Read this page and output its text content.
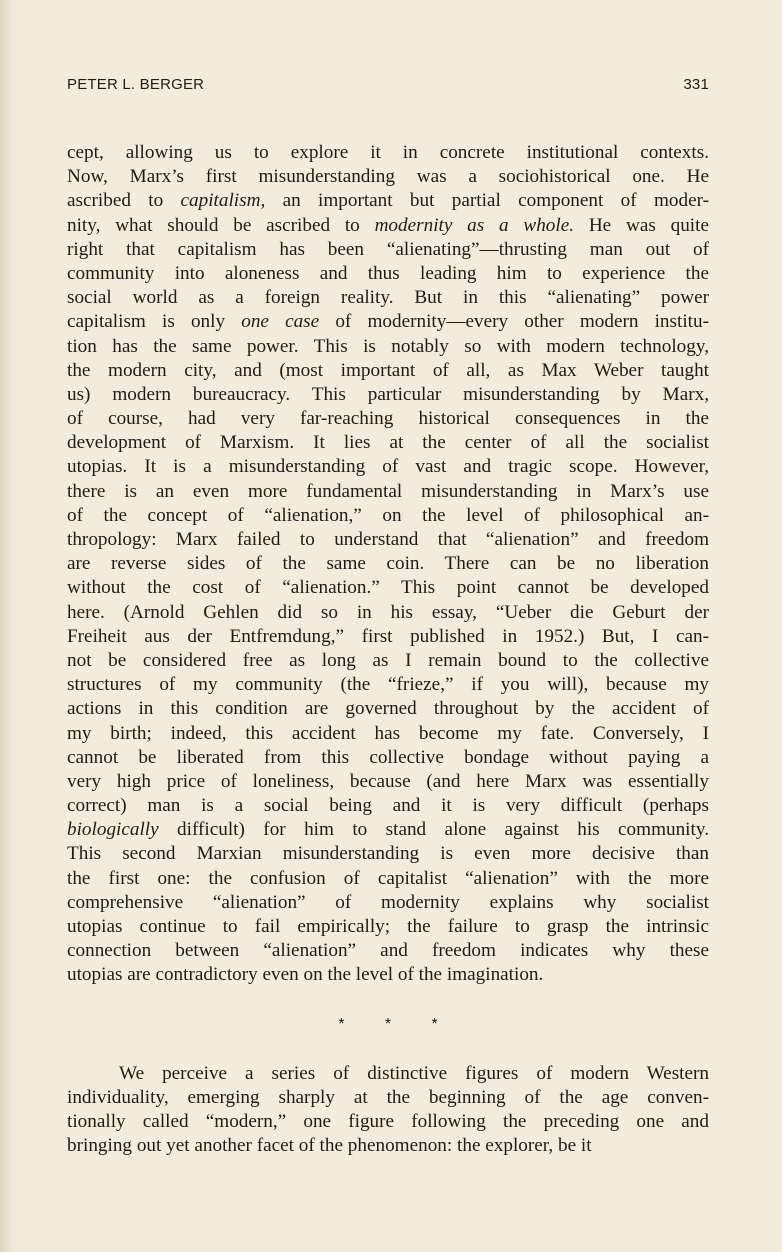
PETER L. BERGER	331
cept, allowing us to explore it in concrete institutional contexts.
Now, Marx’s first misunderstanding was a sociohistorical one. He
ascribed to capitalism, an important but partial component of moder-
nity, what should be ascribed to modernity as a whole. He was quite
right that capitalism has been “alienating”—thrusting man out of
community into aloneness and thus leading him to experience the
social world as a foreign reality. But in this “alienating” power
capitalism is only one case of modernity—every other modern institu-
tion has the same power. This is notably so with modern technology,
the modern city, and (most important of all, as Max Weber taught
us) modern bureaucracy. This particular misunderstanding by Marx,
of course, had very far-reaching historical consequences in the
development of Marxism. It lies at the center of all the socialist
utopias. It is a misunderstanding of vast and tragic scope. However,
there is an even more fundamental misunderstanding in Marx’s use
of the concept of “alienation,” on the level of philosophical an-
thropology: Marx failed to understand that “alienation” and freedom
are reverse sides of the same coin. There can be no liberation
without the cost of “alienation.” This point cannot be developed
here. (Arnold Gehlen did so in his essay, “Ueber die Geburt der
Freiheit aus der Entfremdung,” first published in 1952.) But, I can-
not be considered free as long as I remain bound to the collective
structures of my community (the “frieze,” if you will), because my
actions in this condition are governed throughout by the accident of
my birth; indeed, this accident has become my fate. Conversely, I
cannot be liberated from this collective bondage without paying a
very high price of loneliness, because (and here Marx was essentially
correct) man is a social being and it is very difficult (perhaps
biologically difficult) for him to stand alone against his community.
This second Marxian misunderstanding is even more decisive than
the first one: the confusion of capitalist “alienation” with the more
comprehensive “alienation” of modernity explains why socialist
utopias continue to fail empirically; the failure to grasp the intrinsic
connection between “alienation” and freedom indicates why these
utopias are contradictory even on the level of the imagination.
* * *
We perceive a series of distinctive figures of modern Western
individuality, emerging sharply at the beginning of the age conven-
tionally called “modern,” one figure following the preceding one and
bringing out yet another facet of the phenomenon: the explorer, be it
